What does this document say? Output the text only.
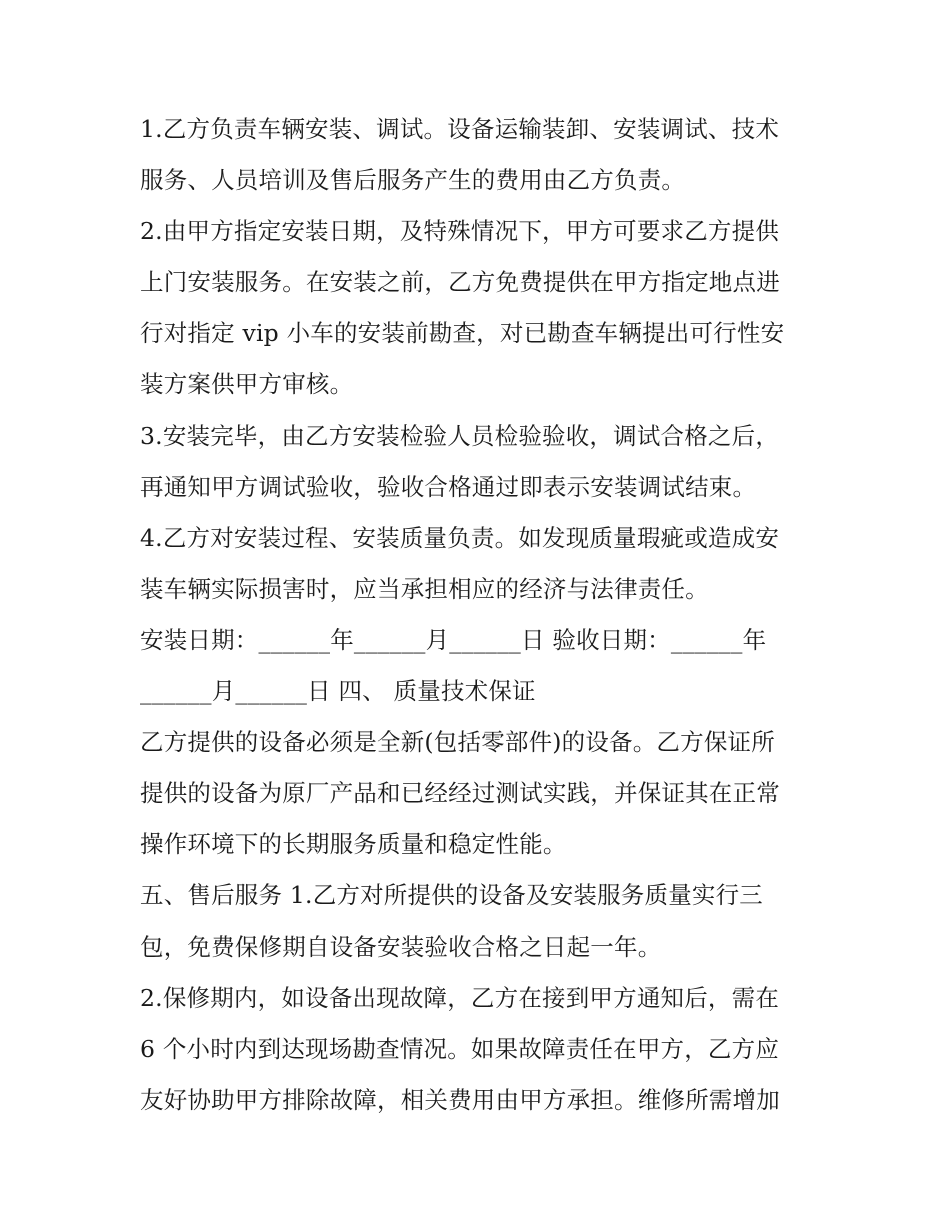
1.乙方负责车辆安装、调试。设备运输装卸、安装调试、技术
服务、人员培训及售后服务产生的费用由乙方负责。
2.由甲方指定安装日期，及特殊情况下，甲方可要求乙方提供
上门安装服务。在安装之前，乙方免费提供在甲方指定地点进
行对指定 vip 小车的安装前勘查，对已勘查车辆提出可行性安
装方案供甲方审核。
3.安装完毕，由乙方安装检验人员检验验收，调试合格之后，
再通知甲方调试验收，验收合格通过即表示安装调试结束。
4.乙方对安装过程、安装质量负责。如发现质量瑕疵或造成安
装车辆实际损害时，应当承担相应的经济与法律责任。
安装日期：______年______月______日 验收日期：______年
______月______日 四、 质量技术保证
乙方提供的设备必须是全新(包括零部件)的设备。乙方保证所
提供的设备为原厂产品和已经经过测试实践，并保证其在正常
操作环境下的长期服务质量和稳定性能。
五、售后服务 1.乙方对所提供的设备及安装服务质量实行三
包，免费保修期自设备安装验收合格之日起一年。
2.保修期内，如设备出现故障，乙方在接到甲方通知后，需在
6 个小时内到达现场勘查情况。如果故障责任在甲方，乙方应
友好协助甲方排除故障，相关费用由甲方承担。维修所需增加
